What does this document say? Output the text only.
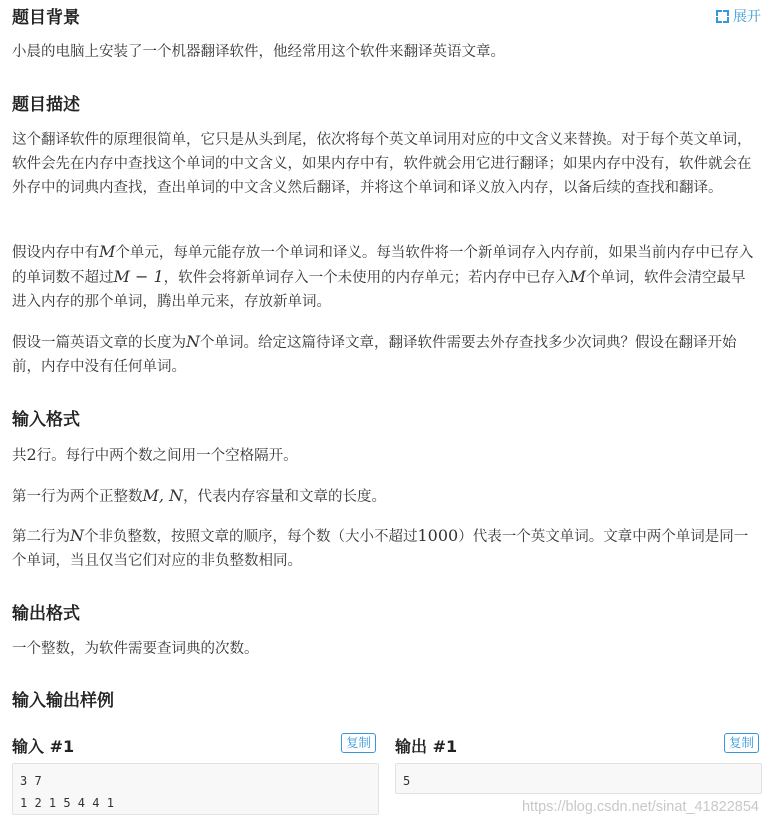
展开
题目背景

小晨的电脑上安装了一个机器翻译软件，他经常用这个软件来翻译英语文章。

题目描述

这个翻译软件的原理很简单，它只是从头到尾，依次将每个英文单词用对应的中文含义来替换。对于每个英文单词，软件会先在内存中查找这个单词的中文含义，如果内存中有，软件就会用它进行翻译；如果内存中没有，软件就会在外存中的词典内查找，查出单词的中文含义然后翻译，并将这个单词和译义放入内存，以备后续的查找和翻译。

假设内存中有M个单元，每单元能存放一个单词和译义。每当软件将一个新单词存入内存前，如果当前内存中已存入的单词数不超过M − 1，软件会将新单词存入一个未使用的内存单元；若内存中已存入M个单词，软件会清空最早进入内存的那个单词，腾出单元来，存放新单词。

假设一篇英语文章的长度为N个单词。给定这篇待译文章，翻译软件需要去外存查找多少次词典？假设在翻译开始前，内存中没有任何单词。

输入格式

共2行。每行中两个数之间用一个空格隔开。

第一行为两个正整数M, N，代表内存容量和文章的长度。

第二行为N个非负整数，按照文章的顺序，每个数（大小不超过1000）代表一个英文单词。文章中两个单词是同一个单词，当且仅当它们对应的非负整数相同。

输出格式

一个整数，为软件需要查词典的次数。

输入输出样例
输入 #1	复制
3 7
1 2 1 5 4 4 1
输出 #1	复制
5
https://blog.csdn.net/sinat_41822854
